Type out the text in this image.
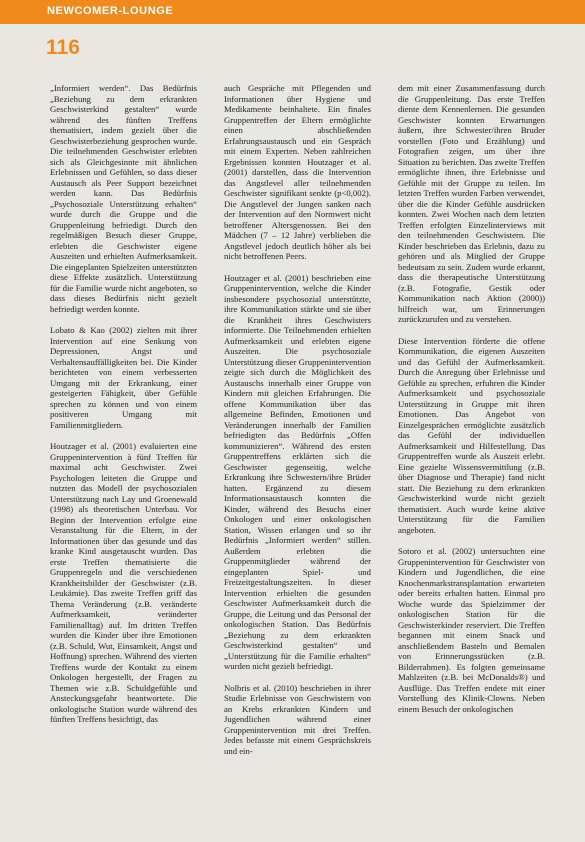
NEWCOMER-LOUNGE
116

„Informiert werden“. Das Bedürfnis „Beziehung zu dem erkrankten Geschwisterkind gestalten“ wurde während des fünften Treffens thematisiert, indem gezielt über die Geschwisterbeziehung gesprochen wurde. Die teilnehmenden Geschwister erlebten sich als Gleichgesinnte mit ähnlichen Erlebnissen und Gefühlen, so dass dieser Austausch als Peer Support bezeichnet werden kann. Das Bedürfnis „Psychosoziale Unterstützung erhalten“ wurde durch die Gruppe und die Gruppenleitung befriedigt. Durch den regelmäßigen Besuch dieser Gruppe, erlebten die Geschwister eigene Auszeiten und erhielten Aufmerksamkeit. Die eingeplanten Spielzeiten unterstützten diese Effekte zusätzlich. Unterstützung für die Familie wurde nicht angeboten, so dass dieses Bedürfnis nicht gezielt befriedigt werden konnte.

Lobato & Kao (2002) zielten mit ihrer Intervention auf eine Senkung von Depressionen, Angst und Verhaltensauffälligkeiten bei. Die Kinder berichteten von einem verbesserten Umgang mit der Erkrankung, einer gesteigerten Fähigkeit, über Gefühle sprechen zu können und von einem positiveren Umgang mit Familienmitgliedern.

Houtzager et al. (2001) evaluierten eine Gruppenintervention à fünf Treffen für maximal acht Geschwister. Zwei Psychologen leiteten die Gruppe und nutzten das Modell der psychosozialen Unterstützung nach Lay und Groenewald (1998) als theoretischen Unterbau. Vor Beginn der Intervention erfolgte eine Veranstaltung für die Eltern, in der Informationen über das gesunde und das kranke Kind ausgetauscht wurden. Das erste Treffen thematisierte die Gruppenregeln und die verschiedenen Krankheitsbilder der Geschwister (z.B. Leukämie). Das zweite Treffen griff das Thema Veränderung (z.B. veränderte Aufmerksamkeit, veränderter Familienalltag) auf. Im dritten Treffen wurden die Kinder über ihre Emotionen (z.B. Schuld, Wut, Einsamkeit, Angst und Hoffnung) sprechen. Während des vierten Treffens wurde der Kontakt zu einem Onkologen hergestellt, der Fragen zu Themen wie z.B. Schuldgefühle und Ansteckungsgefahr beantwortete. Die onkologische Station wurde während des fünften Treffens besichtigt, das

auch Gespräche mit Pflegenden und Informationen über Hygiene und Medikamente beinhaltete. Ein finales Gruppentreffen der Eltern ermöglichte einen abschließenden Erfahrungsaustausch und ein Gespräch mit einem Experten. Neben zahlreichen Ergebnissen konnten Houtzager et al. (2001) darstellen, dass die Intervention das Angstlevel aller teilnehmenden Geschwister signifikant senkte (p<0,002). Die Angstlevel der Jungen sanken nach der Intervention auf den Normwert nicht betroffener Altersgenossen. Bei den Mädchen (7 – 12 Jahre) verblieben die Angstlevel jedoch deutlich höher als bei nicht betroffenen Peers.

Houtzager et al. (2001) beschrieben eine Gruppenintervention, welche die Kinder insbesondere psychosozial unterstützte, ihre Kommunikation stärkte und sie über die Krankheit ihres Geschwisters informierte. Die Teilnehmenden erhielten Aufmerksamkeit und erlebten eigene Auszeiten. Die psychosoziale Unterstützung dieser Gruppenintervention zeigte sich durch die Möglichkeit des Austauschs innerhalb einer Gruppe von Kindern mit gleichen Erfahrungen. Die offene Kommunikation über das allgemeine Befinden, Emotionen und Veränderungen innerhalb der Familien befriedigten das Bedürfnis „Offen kommunizieren“. Während des ersten Gruppentreffens erklärten sich die Geschwister gegenseitig, welche Erkrankung ihre Schwestern/ihre Brüder hatten. Ergänzend zu diesem Informationsaustausch konnten die Kinder, während des Besuchs einer Onkologen und einer onkologischen Station, Wissen erlangen und so ihr Bedürfnis „Informiert werden“ stillen. Außerdem erlebten die Gruppenmitglieder während der eingeplanten Spiel- und Freizeitgestaltungszeiten. In dieser Intervention erhielten die gesunden Geschwister Aufmerksamkeit durch die Gruppe, die Leitung und das Personal der onkologischen Station. Das Bedürfnis „Beziehung zu dem erkrankten Geschwisterkind gestalten“ und „Unterstützung für die Familie erhalten“ wurden nicht gezielt befriedigt.

Nolbris et al. (2010) beschrieben in ihrer Studie Erlebnisse von Geschwistern von an Krebs erkrankten Kindern und Jugendlichen während einer Gruppenintervention mit drei Treffen. Jedes befasste mit einem Gesprächskreis und ein-

dem mit einer Zusammenfassung durch die Gruppenleitung. Das erste Treffen diente dem Kennenlernen. Die gesunden Geschwister konnten Erwartungen äußern, ihre Schwester/ihren Bruder vorstellen (Foto und Erzählung) und Fotografien zeigen, um über ihre Situation zu berichten. Das zweite Treffen ermöglichte ihnen, ihre Erlebnisse und Gefühle mit der Gruppe zu teilen. Im letzten Treffen wurden Farben verwendet, über die die Kinder Gefühle ausdrücken konnten. Zwei Wochen nach dem letzten Treffen erfolgten Einzelinterviews mit den teilnehmenden Geschwistern. Die Kinder beschrieben das Erlebnis, dazu zu gehören und als Mitglied der Gruppe bedeutsam zu sein. Zudem wurde erkannt, dass die therapeutische Unterstützung (z.B. Fotografie, Gestik oder Kommunikation nach Aktion (2000)) hilfreich war, um Erinnerungen zurückzurufen und zu verstehen.

Diese Intervention förderte die offene Kommunikation, die eigenen Auszeiten und das Gefühl der Aufmerksamkeit. Durch die Anregung über Erlebnisse und Gefühle zu sprechen, erfuhren die Kinder Aufmerksamkeit und psychosoziale Unterstützung in Gruppe mit ihren Emotionen. Das Angebot von Einzelgesprächen ermöglichte zusätzlich das Gefühl der individuellen Aufmerksamkeit und Hilfestellung. Das Gruppentreffen wurde als Auszeit erlebt. Eine gezielte Wissensvermittlung (z.B. über Diagnose und Therapie) fand nicht statt. Die Beziehung zu dem erkrankten Geschwisterkind wurde nicht gezielt thematisiert. Auch wurde keine aktive Unterstützung für die Familien angeboten.

Sotoro et al. (2002) untersuchten eine Gruppenintervention für Geschwister von Kindern und Jugendlichen, die eine Knochenmarkstransplantation erwarteten oder bereits erhalten hatten. Einmal pro Woche wurde das Spielzimmer der onkologischen Station für die Geschwisterkinder reserviert. Die Treffen begannen mit einem Snack und anschließendem Basteln und Bemalen von Erinnerungsstücken (z.B. Bilderrahmen). Es folgten gemeinsame Mahlzeiten (z.B. bei McDonalds®) und Ausflüge. Das Treffen endete mit einer Vorstellung des Klinik-Clowns. Neben einem Besuch der onkologischen
